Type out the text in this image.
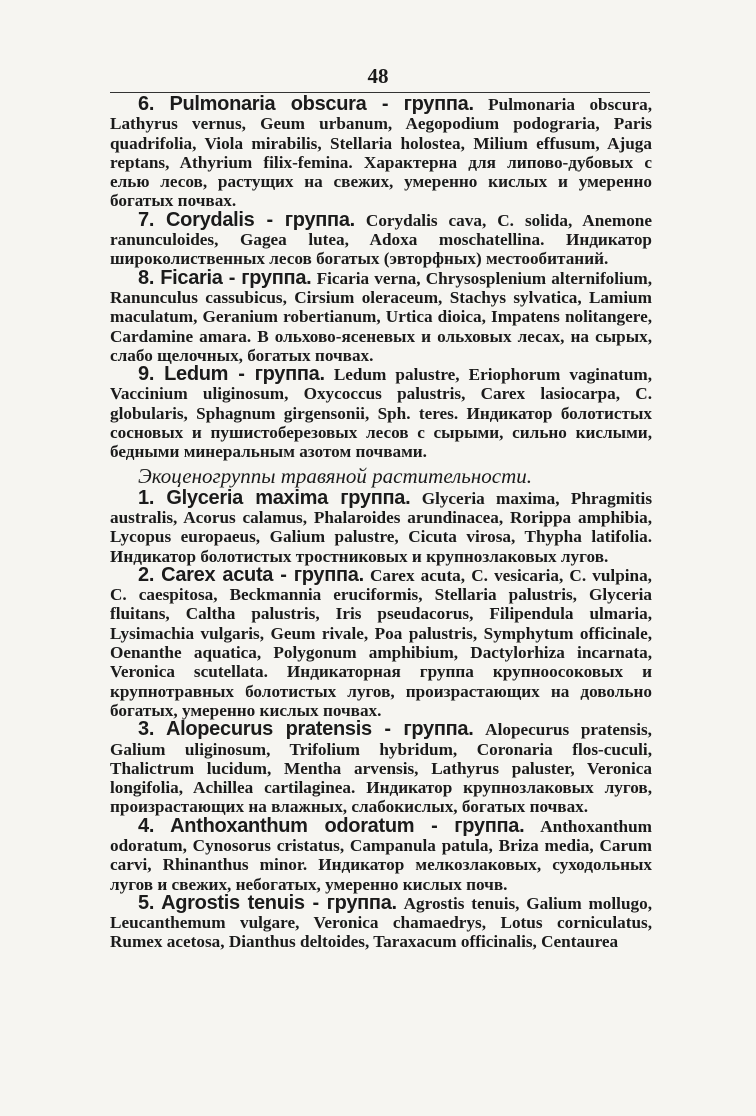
48

6. Pulmonaria obscura - группа. Pulmonaria obscura, Lathyrus vernus, Geum urbanum, Aegopodium podograria, Paris quadrifolia, Viola mirabilis, Stellaria holostea, Milium effusum, Ajuga reptans, Athyrium filix-femina. Характерна для липово-дубовых с елью лесов, растущих на свежих, умеренно кислых и умеренно богатых почвах.

7. Corydalis - группа. Corydalis cava, C. solida, Anemone ranunculoides, Gagea lutea, Adoxa moschatellina. Индикатор широколиственных лесов богатых (эвторфных) местообитаний.

8. Ficaria - группа. Ficaria verna, Chrysosplenium alternifolium, Ranunculus cassubicus, Cirsium oleraceum, Stachys sylvatica, Lamium maculatum, Geranium robertianum, Urtica dioica, Impatens nolitangere, Cardamine amara. В ольхово-ясеневых и ольховых лесах, на сырых, слабо щелочных, богатых почвах.

9. Ledum - группа. Ledum palustre, Eriophorum vaginatum, Vaccinium uliginosum, Oxycoccus palustris, Carex lasiocarpa, C. globularis, Sphagnum girgensonii, Sph. teres. Индикатор болотистых сосновых и пушистоберезовых лесов с сырыми, сильно кислыми, бедными минеральным азотом почвами.

Экоценогруппы травяной растительности.

1. Glyceria maxima группа. Glyceria maxima, Phragmitis australis, Acorus calamus, Phalaroides arundinacea, Rorippa amphibia, Lycopus europaeus, Galium palustre, Cicuta virosa, Thypha latifolia. Индикатор болотистых тростниковых и крупнозлаковых лугов.

2. Carex acuta - группа. Carex acuta, C. vesicaria, C. vulpina, C. caespitosa, Beckmannia eruciformis, Stellaria palustris, Glyceria fluitans, Caltha palustris, Iris pseudacorus, Filipendula ulmaria, Lysimachia vulgaris, Geum rivale, Poa palustris, Symphytum officinale, Oenanthe aquatica, Polygonum amphibium, Dactylorhiza incarnata, Veronica scutellata. Индикаторная группа крупноосоковых и крупнотравных болотистых лугов, произрастающих на довольно богатых, умеренно кислых почвах.

3. Alopecurus pratensis - группа. Alopecurus pratensis, Galium uliginosum, Trifolium hybridum, Coronaria flos-cuculi, Thalictrum lucidum, Mentha arvensis, Lathyrus paluster, Veronica longifolia, Achillea cartilaginea. Индикатор крупнозлаковых лугов, произрастающих на влажных, слабокислых, богатых почвах.

4. Anthoxanthum odoratum - группа. Anthoxanthum odoratum, Cynosorus cristatus, Campanula patula, Briza media, Carum carvi, Rhinanthus minor. Индикатор мелкозлаковых, суходольных лугов и свежих, небогатых, умеренно кислых почв.

5. Agrostis tenuis - группа. Agrostis tenuis, Galium mollugo, Leucanthemum vulgare, Veronica chamaedrys, Lotus corniculatus, Rumex acetosa, Dianthus deltoides, Taraxacum officinalis, Centaurea
